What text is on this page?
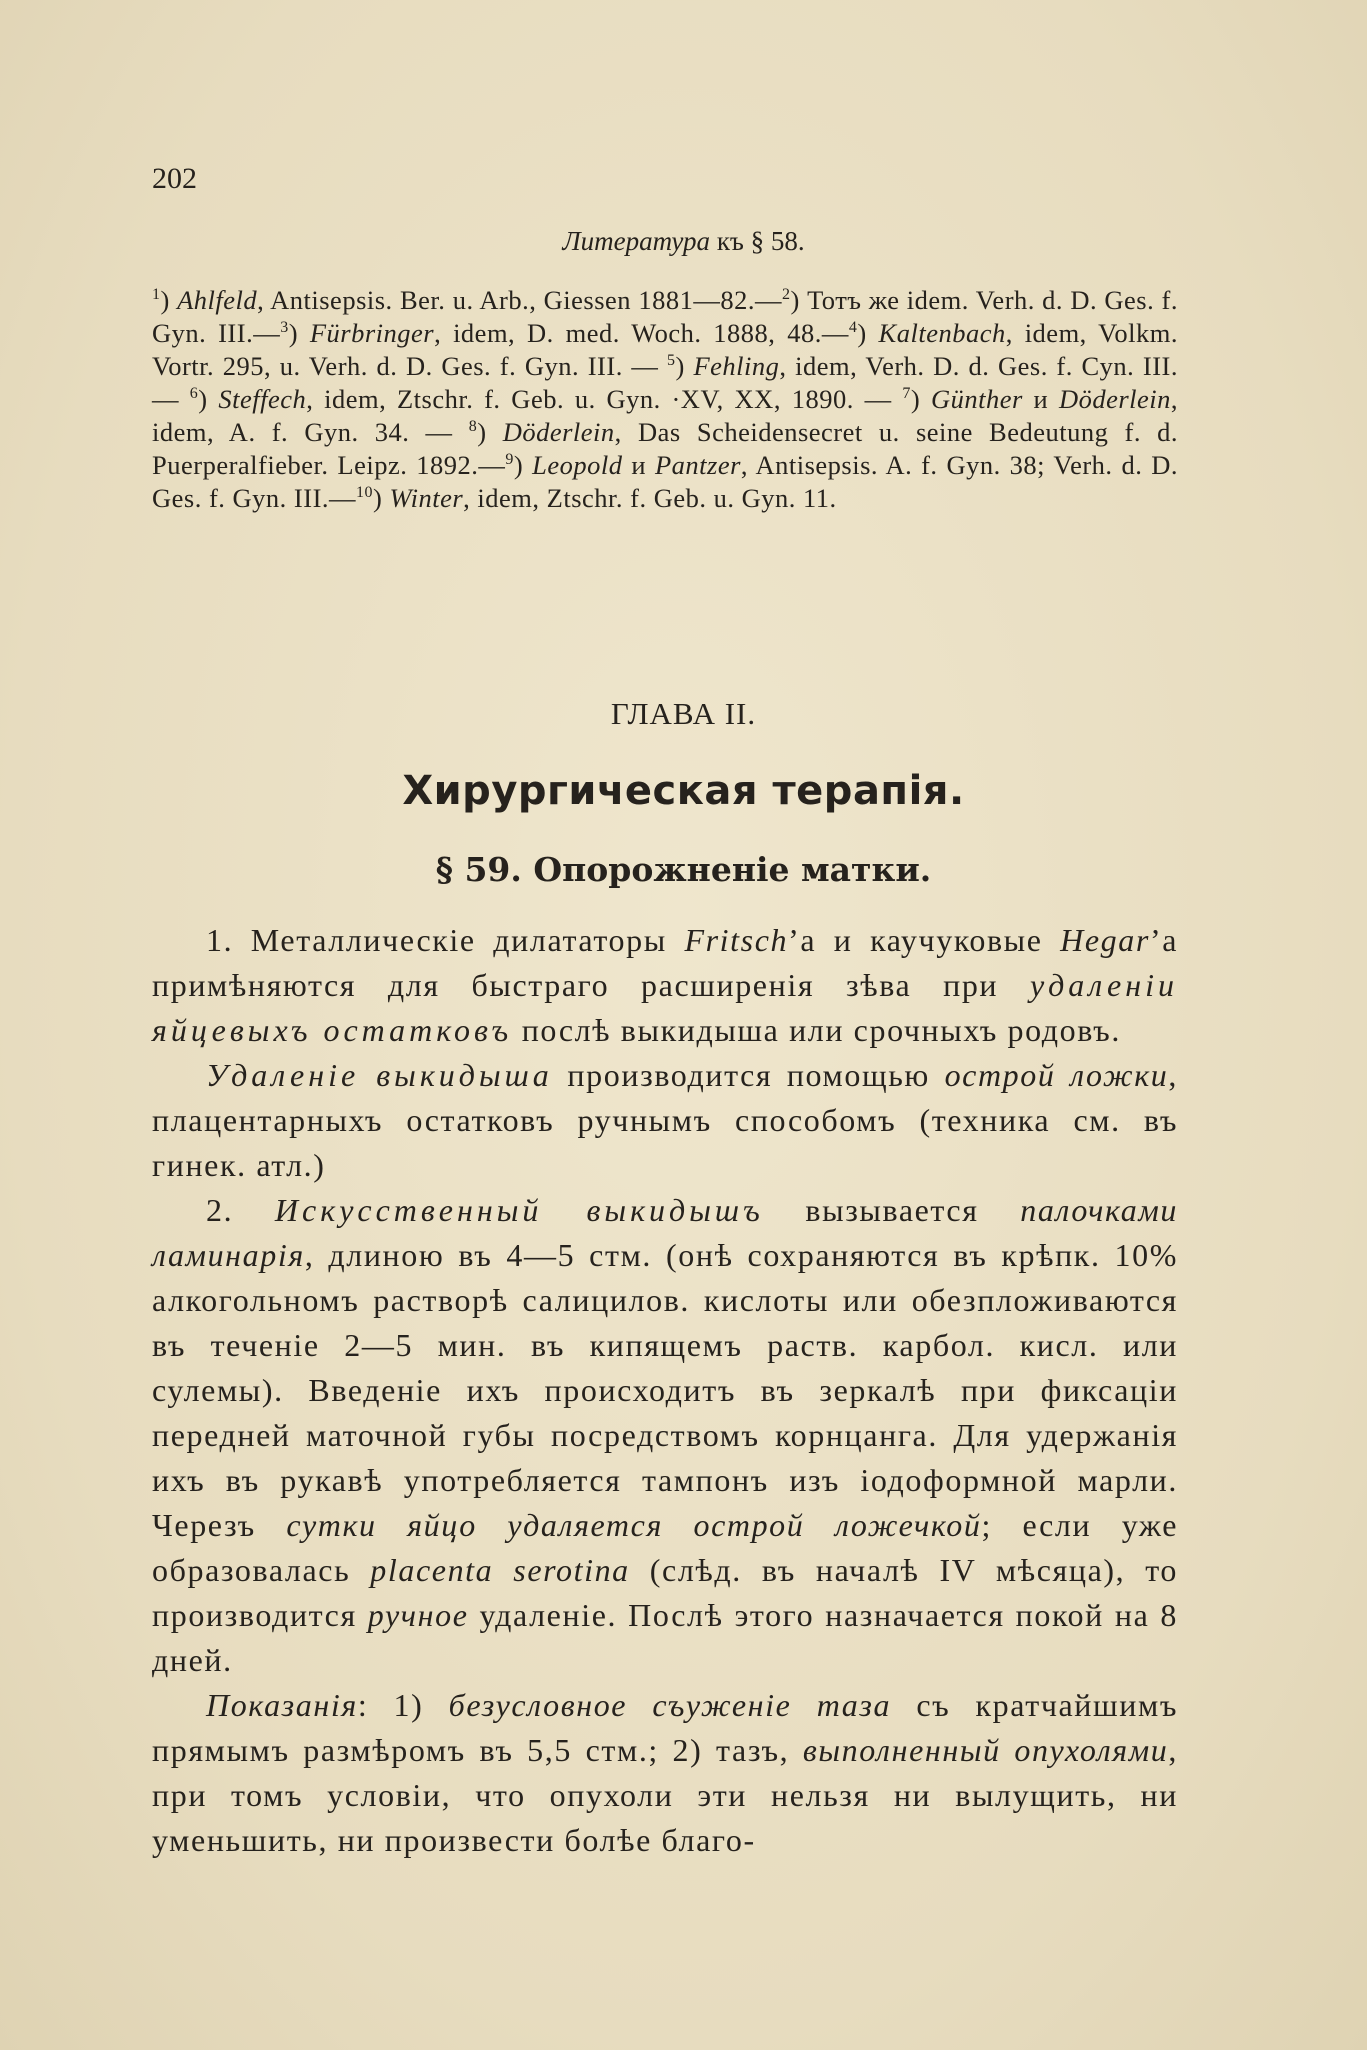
202
Литература къ § 58.
$^1$) Ahlfeld, Antisepsis. Ber. u. Arb., Giessen 1881—82.—$^2$) Тотъ же idem. Verh. d. D. Ges. f. Gyn. III.—$^3$) Fürbringer, idem, D. med. Woch. 1888, 48.—$^4$) Kaltenbach, idem, Volkm. Vortr. 295, u. Verh. d. D. Ges. f. Gyn. III. — $^5$) Fehling, idem, Verh. D. d. Ges. f. Cyn. III. — $^6$) Steffech, idem, Ztschr. f. Geb. u. Gyn. ·XV, XX, 1890. — $^7$) Günther и Döderlein, idem, A. f. Gyn. 34. — $^8$) Döderlein, Das Scheidensecret u. seine Bedeutung f. d. Puerperalfieber. Leipz. 1892.—$^9$) Leopold и Pantzer, Antisepsis. A. f. Gyn. 38; Verh. d. D. Ges. f. Gyn. III.—$^{10}$) Winter, idem, Ztschr. f. Geb. u. Gyn. 11.
ГЛАВА II.
Хирургическая терапія.
§ 59. Опорожненіе матки.

1. Металлическіе дилататоры Fritsch’а и каучуковые Hegar’а примѣняются для быстраго расширенія зѣва при удаленіи яйцевыхъ остатковъ послѣ выкидыша или срочныхъ родовъ.

Удаленіе выкидыша производится помощью острой ложки, плацентарныхъ остатковъ ручнымъ способомъ (техника см. въ гинек. атл.)

2. Искусственный выкидышъ вызывается палочками ламинарія, длиною въ 4—5 стм. (онѣ сохраняются въ крѣпк. 10% алкогольномъ растворѣ салицилов. кислоты или обезпложиваются въ теченіе 2—5 мин. въ кипящемъ раств. карбол. кисл. или сулемы). Введеніе ихъ происходитъ въ зеркалѣ при фиксаціи передней маточной губы посредствомъ корнцанга. Для удержанія ихъ въ рукавѣ употребляется тампонъ изъ іодоформной марли. Черезъ сутки яйцо удаляется острой ложечкой; если уже образовалась placenta serotina (слѣд. въ началѣ IV мѣсяца), то производится ручное удаленіе. Послѣ этого назначается покой на 8 дней.

Показанія: 1) безусловное съуженіе таза съ кратчайшимъ прямымъ размѣромъ въ 5,5 стм.; 2) тазъ, выполненный опухолями, при томъ условіи, что опухоли эти нельзя ни вылущить, ни уменьшить, ни произвести болѣе благо-
